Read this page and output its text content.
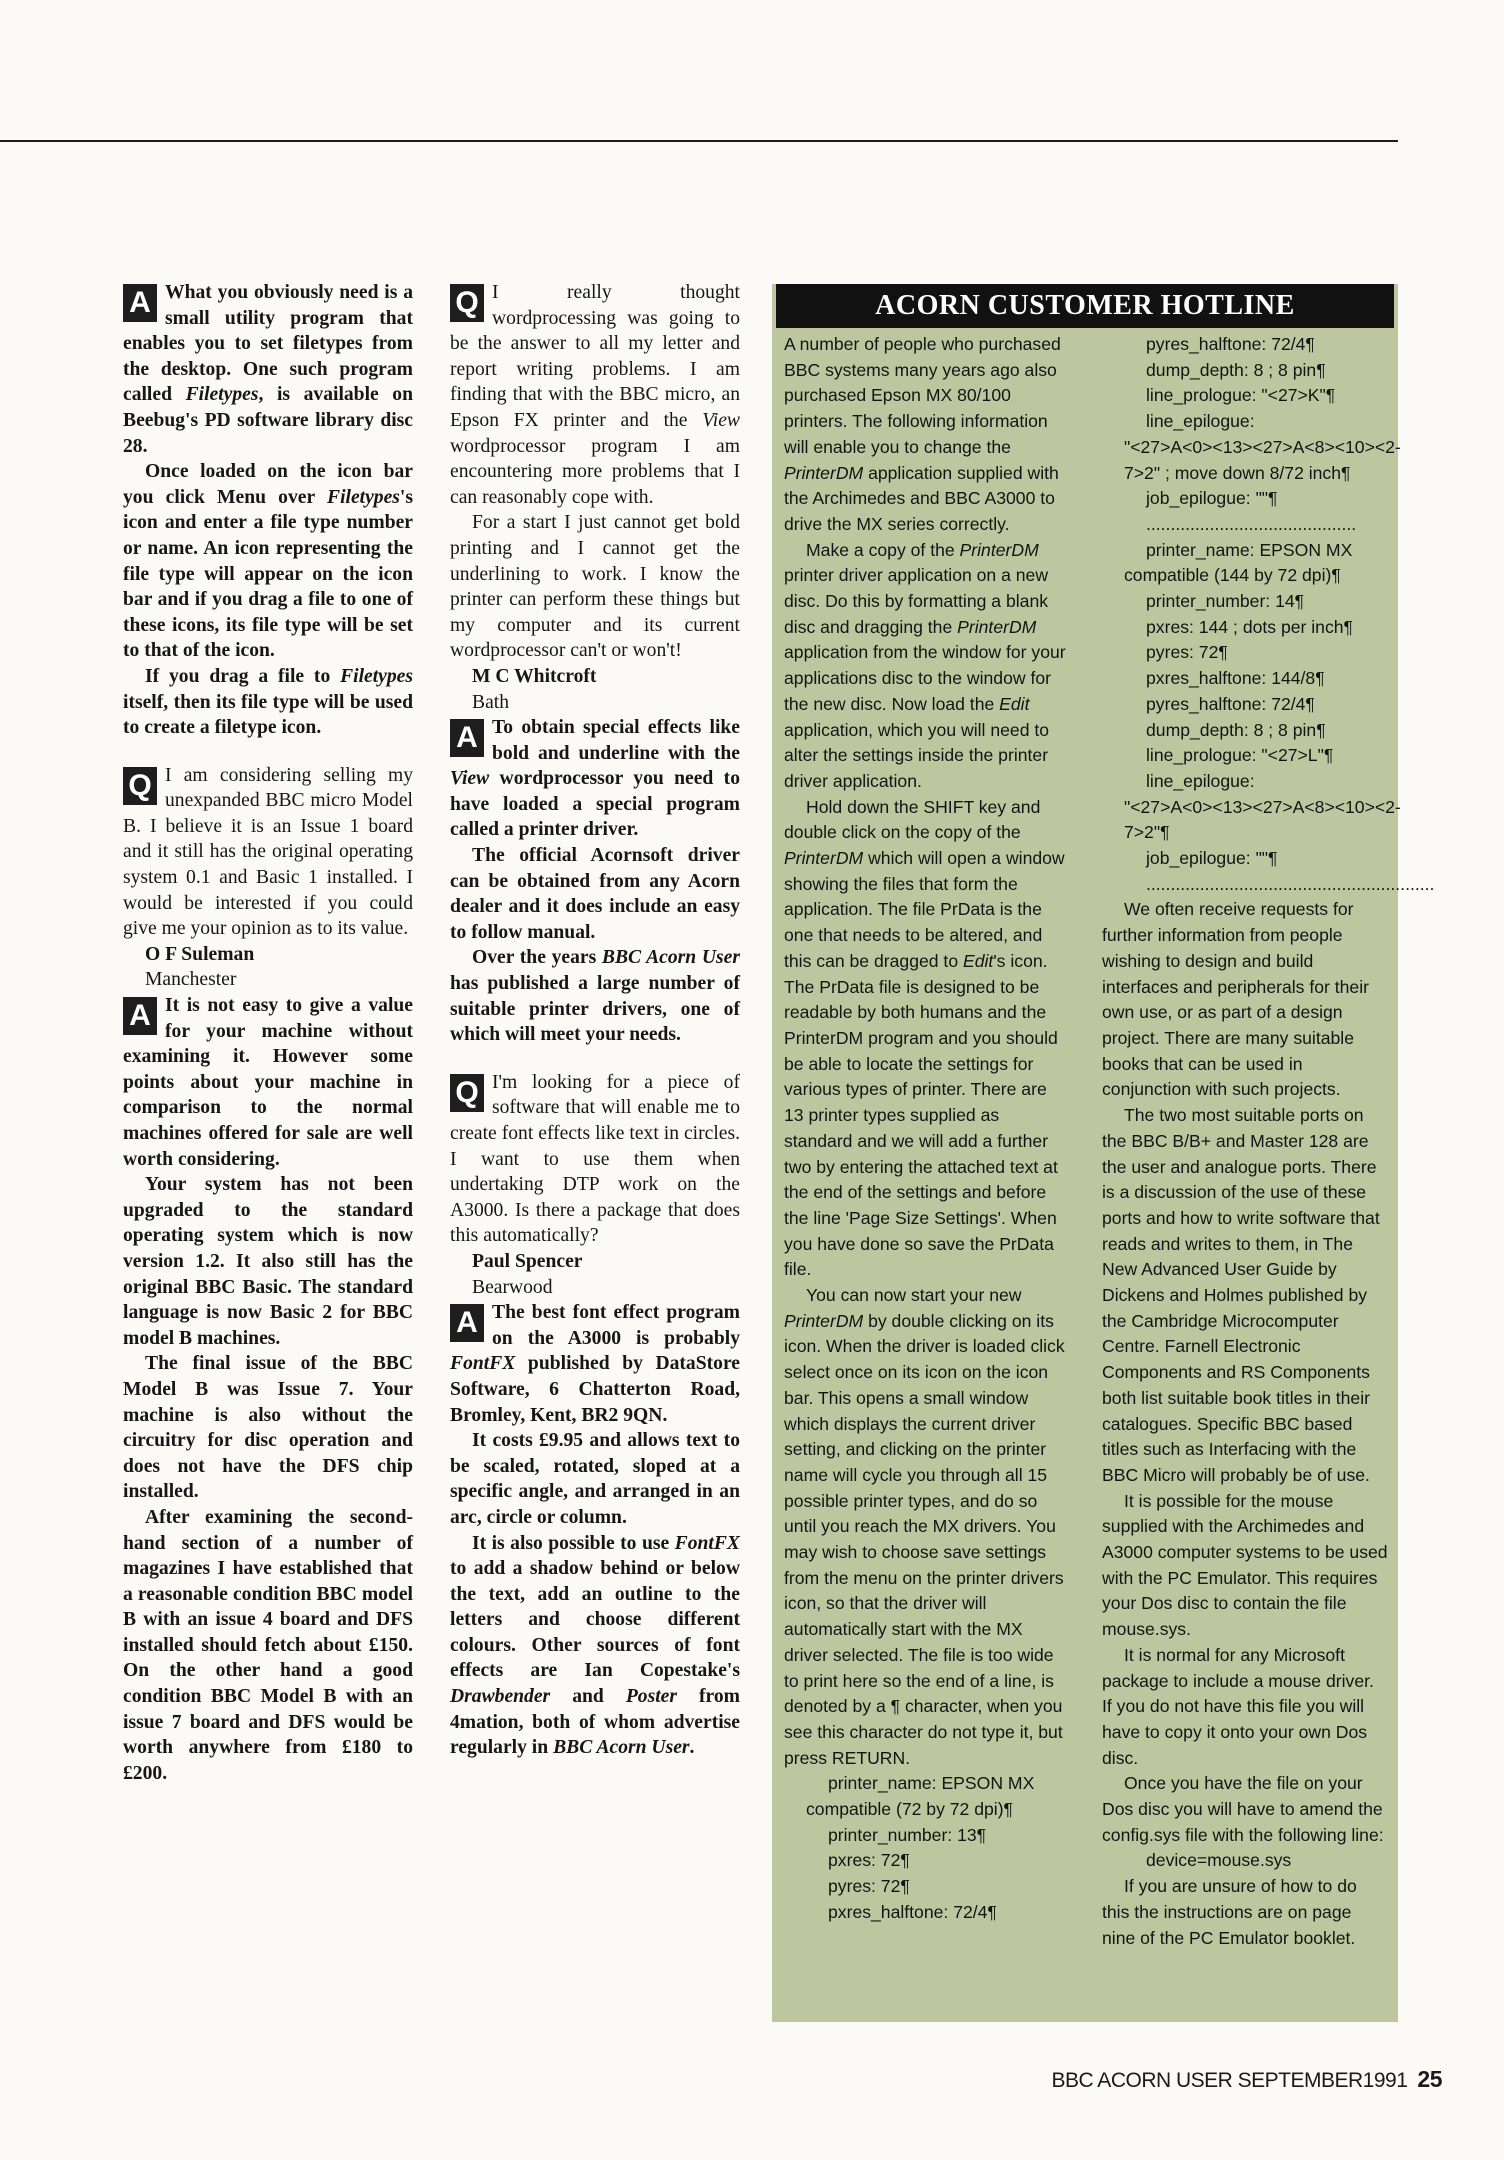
A What you obviously need is a small utility program that enables you to set filetypes from the desktop. One such program called Filetypes, is available on Beebug's PD software library disc 28.

Once loaded on the icon bar you click Menu over Filetypes's icon and enter a file type number or name. An icon representing the file type will appear on the icon bar and if you drag a file to one of these icons, its file type will be set to that of the icon.

If you drag a file to Filetypes itself, then its file type will be used to create a filetype icon.

Q I am considering selling my unexpanded BBC micro Model B. I believe it is an Issue 1 board and it still has the original operating system 0.1 and Basic 1 installed. I would be interested if you could give me your opinion as to its value.

O F Suleman

Manchester

A It is not easy to give a value for your machine without examining it. However some points about your machine in comparison to the normal machines offered for sale are well worth considering.

Your system has not been upgraded to the standard operating system which is now version 1.2. It also still has the original BBC Basic. The standard language is now Basic 2 for BBC model B machines.

The final issue of the BBC Model B was Issue 7. Your machine is also without the circuitry for disc operation and does not have the DFS chip installed.

After examining the second-hand section of a number of magazines I have established that a reasonable condition BBC model B with an issue 4 board and DFS installed should fetch about £150. On the other hand a good condition BBC Model B with an issue 7 board and DFS would be worth anywhere from £180 to £200.

Q I really thought wordprocessing was going to be the answer to all my letter and report writing problems. I am finding that with the BBC micro, an Epson FX printer and the View wordprocessor program I am encountering more problems that I can reasonably cope with.

For a start I just cannot get bold printing and I cannot get the underlining to work. I know the printer can perform these things but my computer and its current wordprocessor can't or won't!

M C Whitcroft

Bath

A To obtain special effects like bold and underline with the View wordprocessor you need to have loaded a special program called a printer driver.

The official Acornsoft driver can be obtained from any Acorn dealer and it does include an easy to follow manual.

Over the years BBC Acorn User has published a large number of suitable printer drivers, one of which will meet your needs.

Q I'm looking for a piece of software that will enable me to create font effects like text in circles. I want to use them when undertaking DTP work on the A3000. Is there a package that does this automatically?

Paul Spencer

Bearwood

A The best font effect program on the A3000 is probably FontFX published by DataStore Software, 6 Chatterton Road, Bromley, Kent, BR2 9QN.

It costs £9.95 and allows text to be scaled, rotated, sloped at a specific angle, and arranged in an arc, circle or column.

It is also possible to use FontFX to add a shadow behind or below the text, add an outline to the letters and choose different colours. Other sources of font effects are Ian Copestake's Drawbender and Poster from 4mation, both of whom advertise regularly in BBC Acorn User.

ACORN CUSTOMER HOTLINE

A number of people who purchased BBC systems many years ago also purchased Epson MX 80/100 printers. The following information will enable you to change the PrinterDM application supplied with the Archimedes and BBC A3000 to drive the MX series correctly.

Make a copy of the PrinterDM printer driver application on a new disc. Do this by formatting a blank disc and dragging the PrinterDM application from the window for your applications disc to the window for the new disc. Now load the Edit application, which you will need to alter the settings inside the printer driver application.

Hold down the SHIFT key and double click on the copy of the PrinterDM which will open a window showing the files that form the application. The file PrData is the one that needs to be altered, and this can be dragged to Edit's icon. The PrData file is designed to be readable by both humans and the PrinterDM program and you should be able to locate the settings for various types of printer. There are 13 printer types supplied as standard and we will add a further two by entering the attached text at the end of the settings and before the line 'Page Size Settings'. When you have done so save the PrData file.

You can now start your new PrinterDM by double clicking on its icon. When the driver is loaded click select once on its icon on the icon bar. This opens a small window which displays the current driver setting, and clicking on the printer name will cycle you through all 15 possible printer types, and do so until you reach the MX drivers. You may wish to choose save settings from the menu on the printer drivers icon, so that the driver will automatically start with the MX driver selected. The file is too wide to print here so the end of a line, is denoted by a ¶ character, when you see this character do not type it, but press RETURN.

printer_name: EPSON MX

compatible (72 by 72 dpi)¶

printer_number: 13¶

pxres: 72¶

pyres: 72¶

pxres_halftone: 72/4¶

pyres_halftone: 72/4¶

dump_depth: 8 ; 8 pin¶

line_prologue: "<27>K"¶

line_epilogue:

"<27>A<0><13><27>A<8><10><2-

7>2" ; move down 8/72 inch¶

job_epilogue: ""¶

...........................................

printer_name: EPSON MX

compatible (144 by 72 dpi)¶

printer_number: 14¶

pxres: 144 ; dots per inch¶

pyres: 72¶

pxres_halftone: 144/8¶

pyres_halftone: 72/4¶

dump_depth: 8 ; 8 pin¶

line_prologue: "<27>L"¶

line_epilogue:

"<27>A<0><13><27>A<8><10><2-

7>2"¶

job_epilogue: ""¶

...........................................................

We often receive requests for further information from people wishing to design and build interfaces and peripherals for their own use, or as part of a design project. There are many suitable books that can be used in conjunction with such projects.

The two most suitable ports on the BBC B/B+ and Master 128 are the user and analogue ports. There is a discussion of the use of these ports and how to write software that reads and writes to them, in The New Advanced User Guide by Dickens and Holmes published by the Cambridge Microcomputer Centre. Farnell Electronic Components and RS Components both list suitable book titles in their catalogues. Specific BBC based titles such as Interfacing with the BBC Micro will probably be of use.

It is possible for the mouse supplied with the Archimedes and A3000 computer systems to be used with the PC Emulator. This requires your Dos disc to contain the file mouse.sys.

It is normal for any Microsoft package to include a mouse driver. If you do not have this file you will have to copy it onto your own Dos disc.

Once you have the file on your Dos disc you will have to amend the config.sys file with the following line:

device=mouse.sys

If you are unsure of how to do this the instructions are on page nine of the PC Emulator booklet.

BBC ACORN USER SEPTEMBER1991 25
